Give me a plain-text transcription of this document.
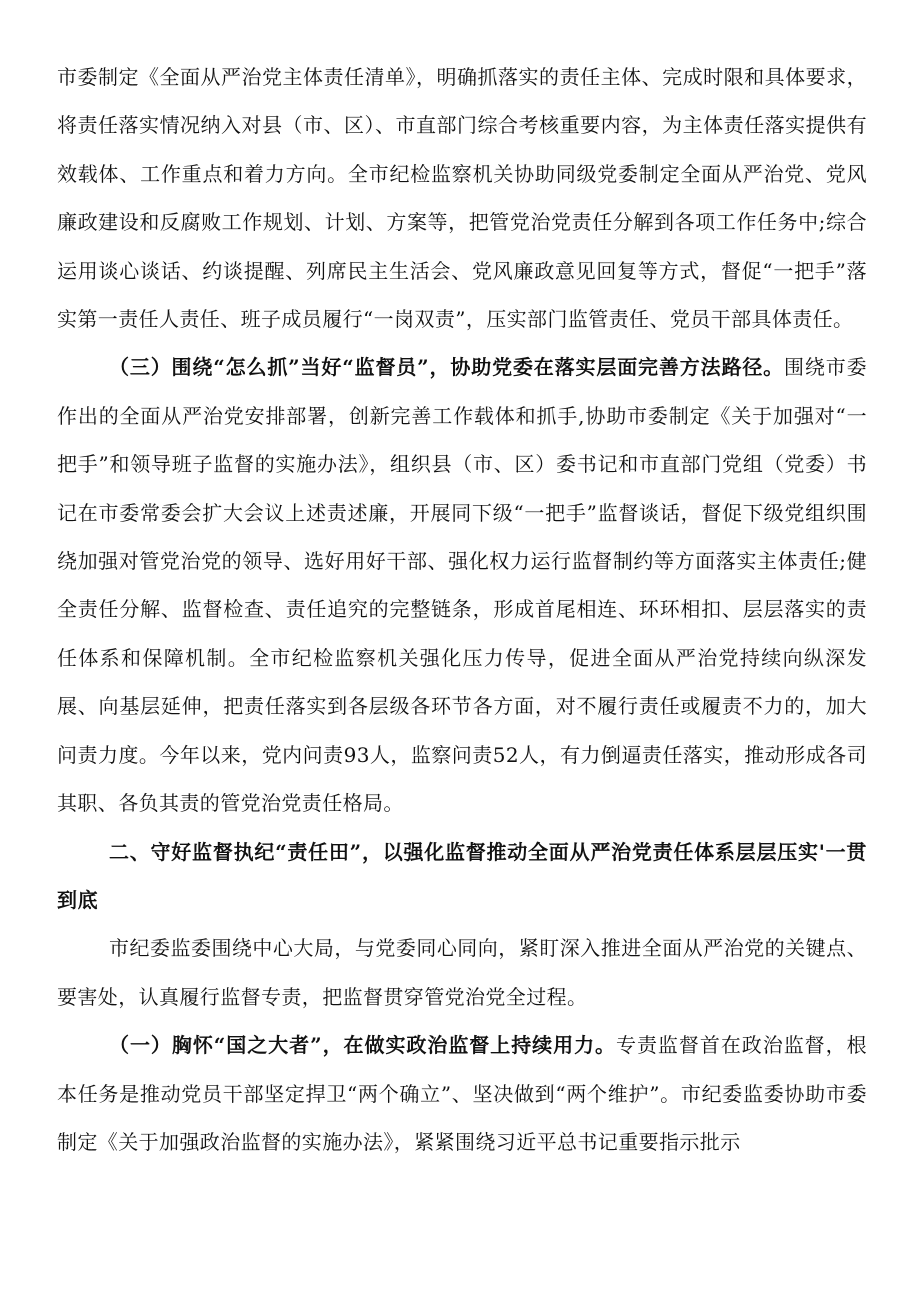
市委制定《全面从严治党主体责任清单》，明确抓落实的责任主体、完成时限和具体要求，将责任落实情况纳入对县（市、区）、市直部门综合考核重要内容，为主体责任落实提供有效载体、工作重点和着力方向。全市纪检监察机关协助同级党委制定全面从严治党、党风廉政建设和反腐败工作规划、计划、方案等，把管党治党责任分解到各项工作任务中;综合运用谈心谈话、约谈提醒、列席民主生活会、党风廉政意见回复等方式，督促“一把手”落实第一责任人责任、班子成员履行“一岗双责”，压实部门监管责任、党员干部具体责任。

（三）围绕“怎么抓”当好“监督员”，协助党委在落实层面完善方法路径。围绕市委作出的全面从严治党安排部署，创新完善工作载体和抓手,协助市委制定《关于加强对“一把手”和领导班子监督的实施办法》，组织县（市、区）委书记和市直部门党组（党委）书记在市委常委会扩大会议上述责述廉，开展同下级“一把手”监督谈话，督促下级党组织围绕加强对管党治党的领导、选好用好干部、强化权力运行监督制约等方面落实主体责任;健全责任分解、监督检查、责任追究的完整链条，形成首尾相连、环环相扣、层层落实的责任体系和保障机制。全市纪检监察机关强化压力传导，促进全面从严治党持续向纵深发展、向基层延伸，把责任落实到各层级各环节各方面，对不履行责任或履责不力的，加大问责力度。今年以来，党内问责93人，监察问责52人，有力倒逼责任落实，推动形成各司其职、各负其责的管党治党责任格局。

二、守好监督执纪“责任田”，以强化监督推动全面从严治党责任体系层层压实'一贯到底

市纪委监委围绕中心大局，与党委同心同向，紧盯深入推进全面从严治党的关键点、要害处，认真履行监督专责，把监督贯穿管党治党全过程。

（一）胸怀“国之大者”，在做实政治监督上持续用力。专责监督首在政治监督，根本任务是推动党员干部坚定捍卫“两个确立”、坚决做到“两个维护”。市纪委监委协助市委制定《关于加强政治监督的实施办法》，紧紧围绕习近平总书记重要指示批示
